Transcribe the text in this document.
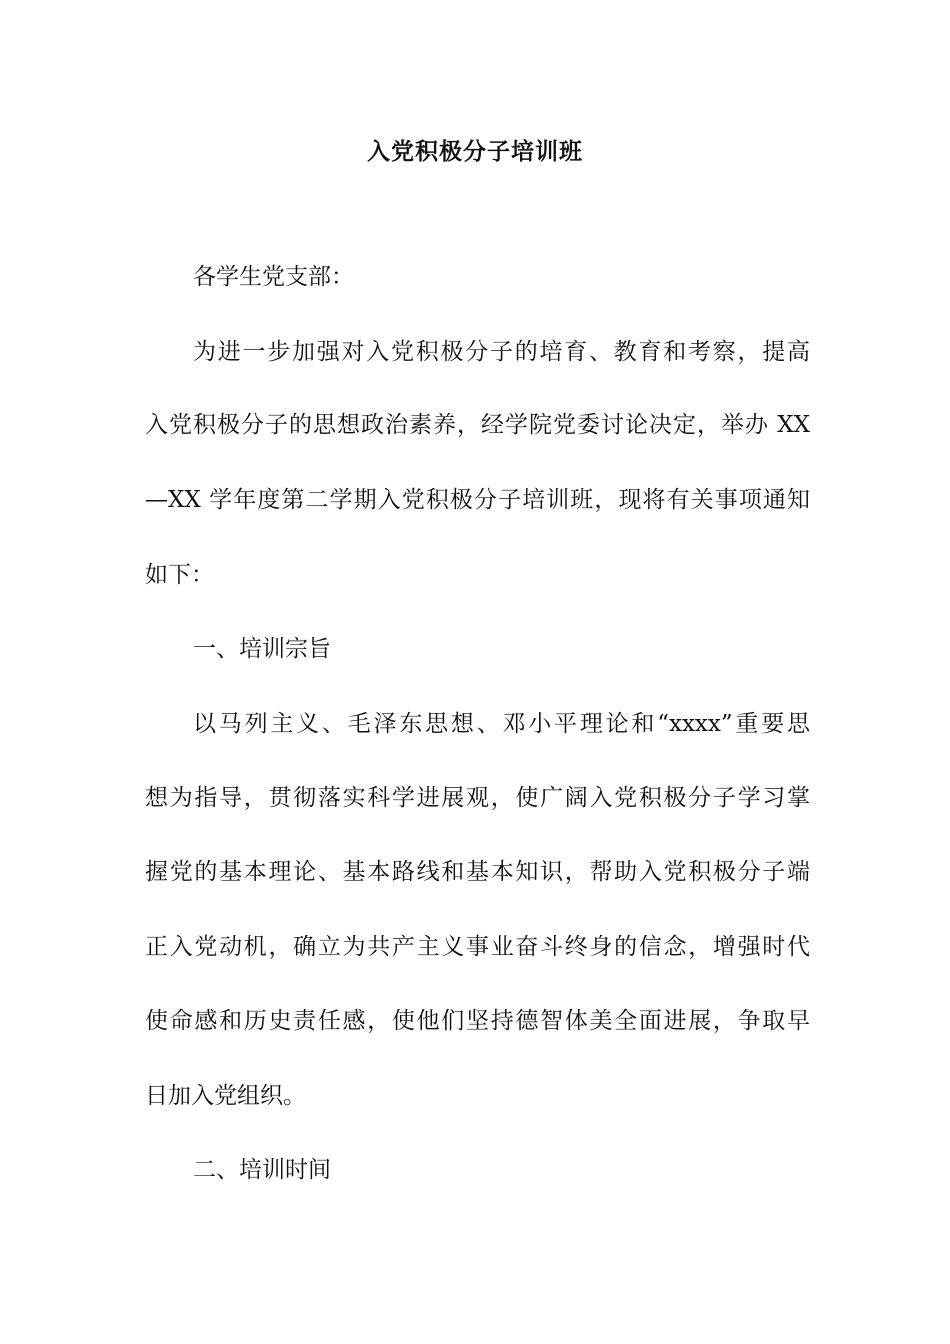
入党积极分子培训班

各学生党支部：

为进一步加强对入党积极分子的培育、教育和考察，提高

入党积极分子的思想政治素养，经学院党委讨论决定，举办 XX

—XX 学年度第二学期入党积极分子培训班，现将有关事项通知

如下：

一、培训宗旨

以马列主义、毛泽东思想、邓小平理论和“xxxx”重要思

想为指导，贯彻落实科学进展观，使广阔入党积极分子学习掌

握党的基本理论、基本路线和基本知识，帮助入党积极分子端

正入党动机，确立为共产主义事业奋斗终身的信念，增强时代

使命感和历史责任感，使他们坚持德智体美全面进展，争取早

日加入党组织。

二、培训时间
